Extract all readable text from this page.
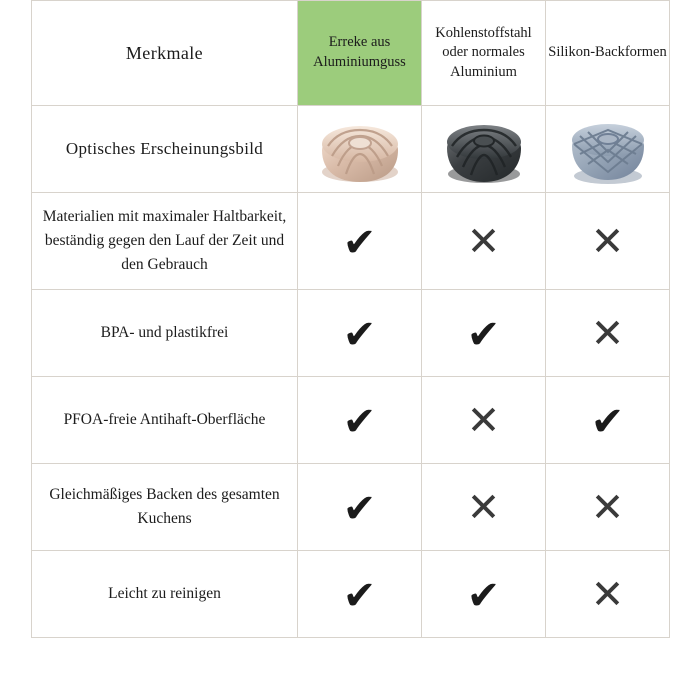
Merkmale	Erreke aus Aluminiumguss	Kohlenstoffstahl oder normales Aluminium	Silikon-Backformen
Optisches Erscheinungsbild	

Materialien mit maximaler Haltbarkeit, beständig gegen den Lauf der Zeit und den Gebrauch	✔	✕	✕

BPA- und plastikfrei	✔	✔	✕

PFOA-freie Antihaft-Oberfläche	✔	✕	✔

Gleichmäßiges Backen des gesamten Kuchens	✔	✕	✕

Leicht zu reinigen	✔	✔	✕
